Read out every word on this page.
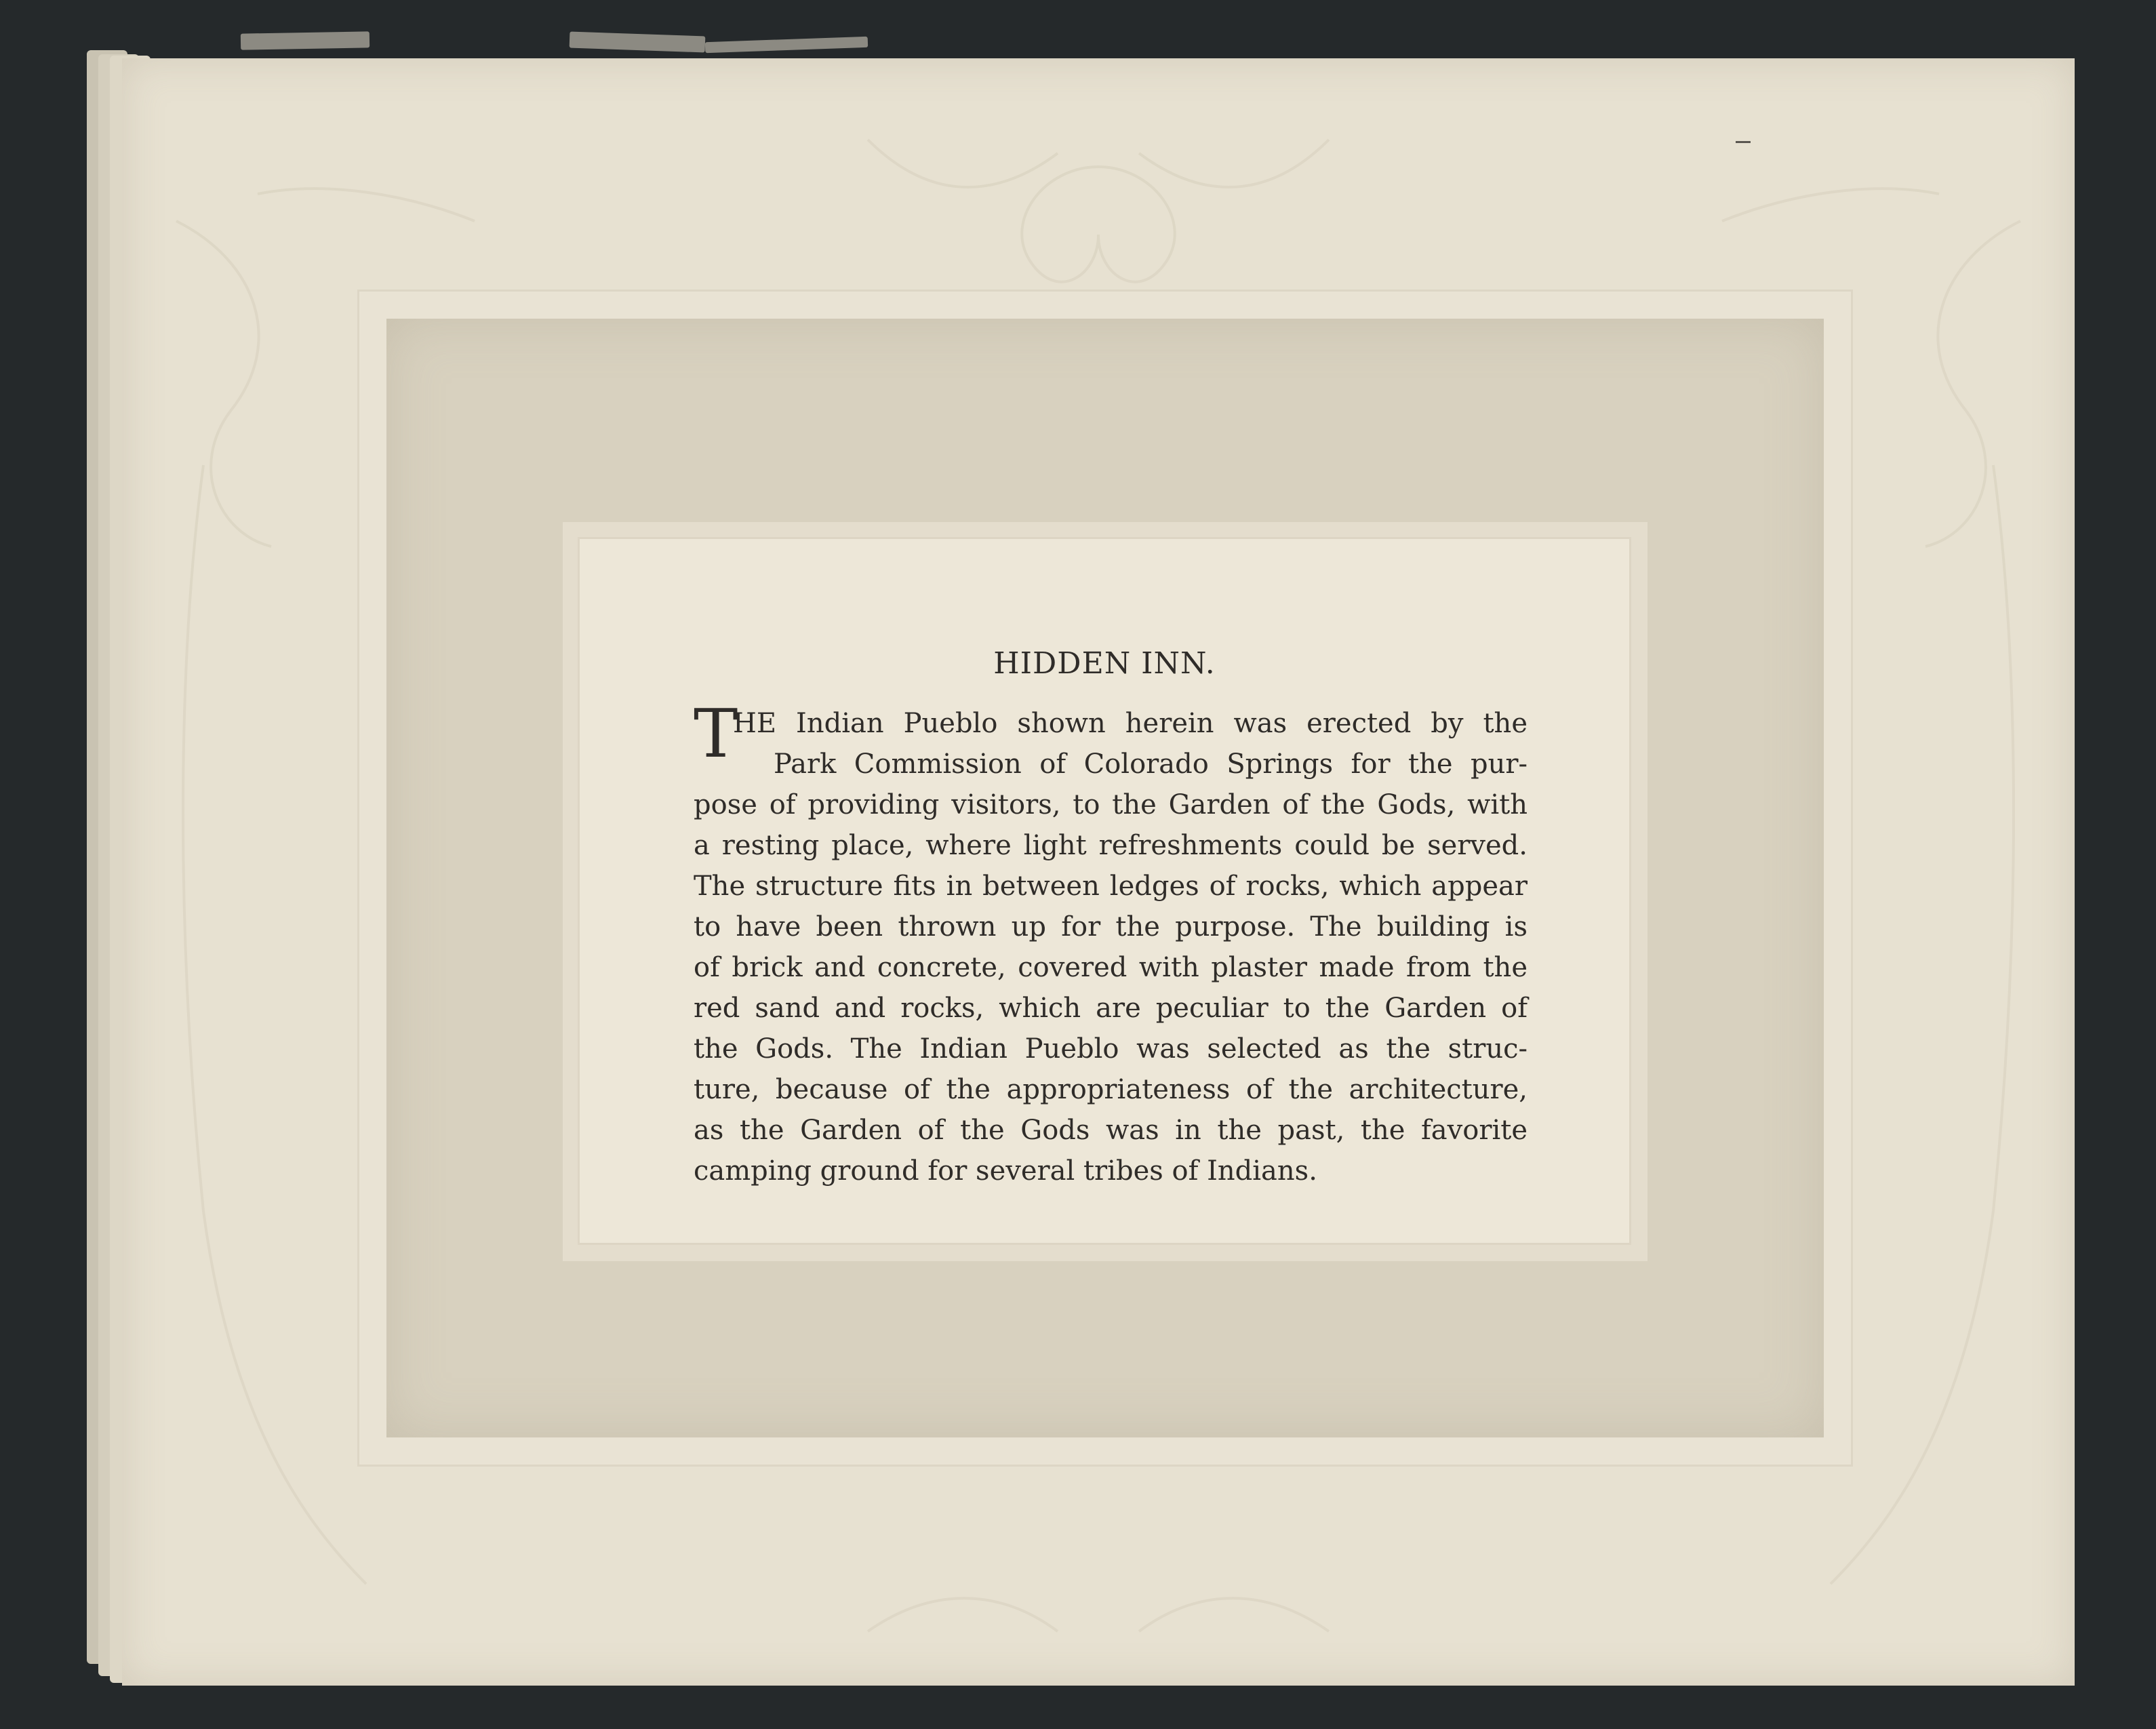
HIDDEN INN.
T
HE Indian Pueblo shown herein was erected by the
Park Commission of Colorado Springs for the pur-
pose of providing visitors, to the Garden of the Gods, with
a resting place, where light refreshments could be served.
The structure fits in between ledges of rocks, which appear
to have been thrown up for the purpose. The building is
of brick and concrete, covered with plaster made from the
red sand and rocks, which are peculiar to the Garden of
the Gods. The Indian Pueblo was selected as the struc-
ture, because of the appropriateness of the architecture,
as the Garden of the Gods was in the past, the favorite
camping ground for several tribes of Indians.
